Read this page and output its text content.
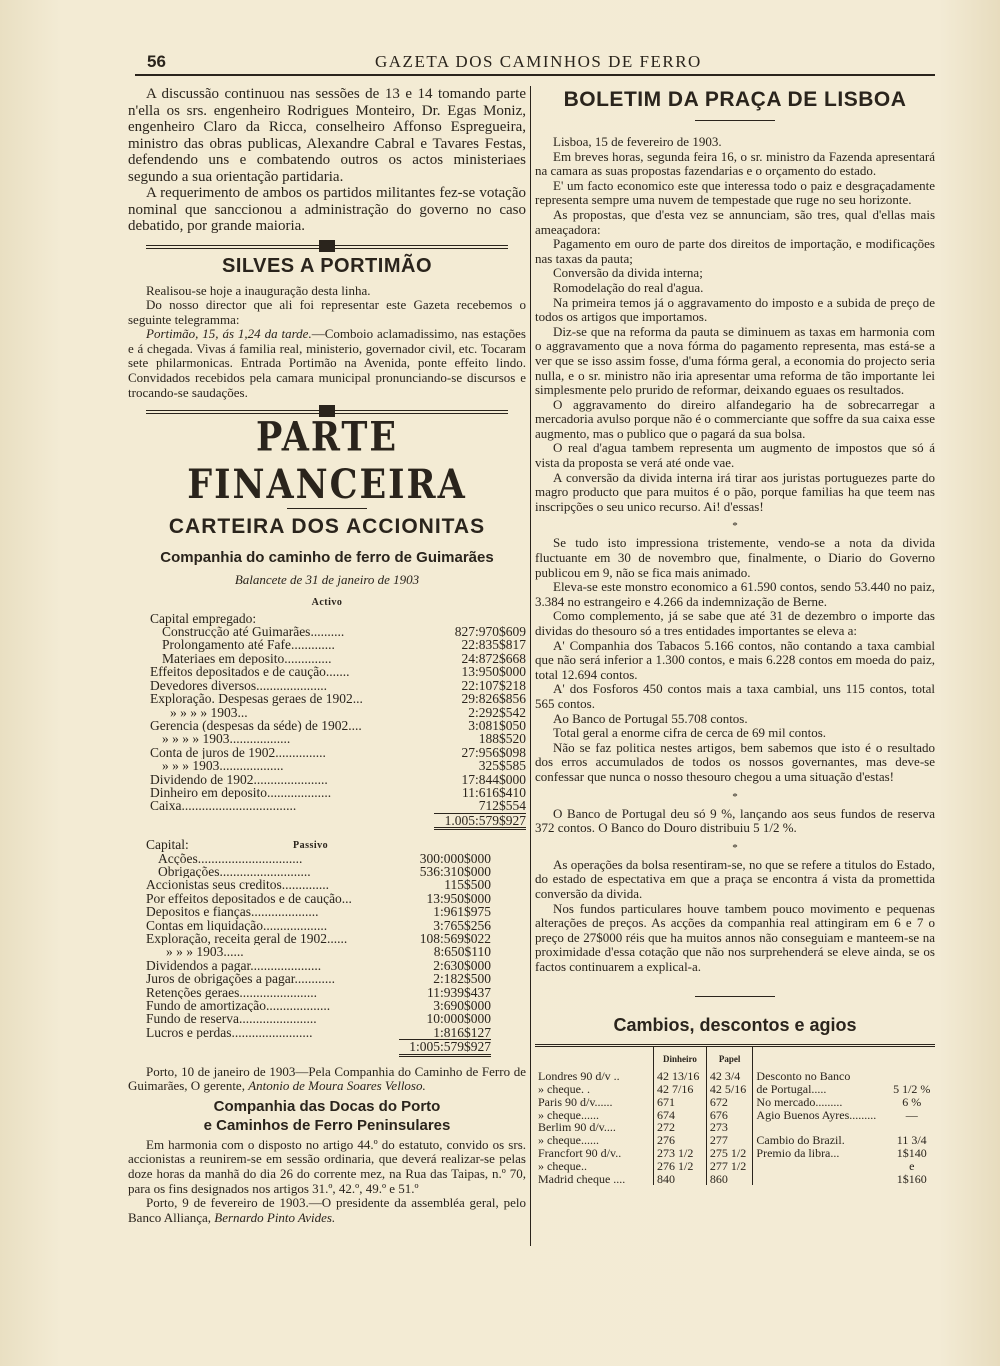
56	GAZETA DOS CAMINHOS DE FERRO

A discussão continuou nas sessões de 13 e 14 tomando parte n'ella os srs. engenheiro Rodrigues Monteiro, Dr. Egas Moniz, engenheiro Claro da Ricca, conselheiro Affonso Espregueira, ministro das obras publicas, Alexandre Cabral e Tavares Festas, defendendo uns e combatendo outros os actos ministeriaes segundo a sua orientação partidaria.

A requerimento de ambos os partidos militantes fez-se votação nominal que sanccionou a administração do governo no caso debatido, por grande maioria.

SILVES A PORTIMÃO

Realisou-se hoje a inauguração desta linha.

Do nosso director que ali foi representar este Gazeta recebemos o seguinte telegramma:

Portimão, 15, ás 1,24 da tarde.—Comboio aclamadissimo, nas estações e á chegada. Vivas á familia real, ministerio, governador civil, etc. Tocaram sete philarmonicas. Entrada Portimão na Avenida, ponte effeito lindo. Convidados recebidos pela camara municipal pronunciando-se discursos e trocando-se saudações.

PARTE FINANCEIRA
CARTEIRA DOS ACCIONITAS
Companhia do caminho de ferro de Guimarães
Balancete de 31 de janeiro de 1903
Activo
Capital empregado:
Construcção até Guimarães..........	827:970$609
Prolongamento até Fafe.............	22:835$817
Materiaes em deposito..............	24:872$668
Effeitos depositados e de caução.......	13:950$000
Devedores diversos.....................	22:107$218
Exploração. Despesas geraes de 1902...	29:826$856
» » » » 1903...	2:292$542
Gerencia (despesas da séde) de 1902....	3:081$050
» » » » 1903..................	188$520
Conta de juros de 1902...............	27:956$098
» » » 1903...................	325$585
Dividendo de 1902......................	17:844$000
Dinheiro em deposito...................	11:616$410
Caixa..................................	712$554
1.005:579$927
Capital:	Passivo
Acções...............................	300:000$000
Obrigações...........................	536:310$000
Accionistas seus creditos..............	115$500
Por effeitos depositados e de caução...	13:950$000
Depositos e fianças....................	1:961$975
Contas em liquidação...................	3:765$256
Exploração, receita geral de 1902......	108:569$022
» » » 1903......	8:650$110
Dividendos a pagar.....................	2:630$000
Juros de obrigações a pagar............	2:182$500
Retenções geraes.......................	11:939$437
Fundo de amortização...................	3:690$000
Fundo de reserva.......................	10:000$000
Lucros e perdas........................	1:816$127
1:005:579$927

Porto, 10 de janeiro de 1903—Pela Companhia do Caminho de Ferro de Guimarães, O gerente, Antonio de Moura Soares Velloso.

Companhia das Docas do Porto
e Caminhos de Ferro Peninsulares

Em harmonia com o disposto no artigo 44.º do estatuto, convido os srs. accionistas a reunirem-se em sessão ordinaria, que deverá realizar-se pelas doze horas da manhã do dia 26 do corrente mez, na Rua das Taipas, n.º 70, para os fins designados nos artigos 31.º, 42.º, 49.º e 51.º

Porto, 9 de fevereiro de 1903.—O presidente da assembléa geral, pelo Banco Alliança, Bernardo Pinto Avides.

BOLETIM DA PRAÇA DE LISBOA

Lisboa, 15 de fevereiro de 1903.

Em breves horas, segunda feira 16, o sr. ministro da Fazenda apresentará na camara as suas propostas fazendarias e o orçamento do estado.

E' um facto economico este que interessa todo o paiz e desgraçadamente representa sempre uma nuvem de tempestade que ruge no seu horizonte.

As propostas, que d'esta vez se annunciam, são tres, qual d'ellas mais ameaçadora:

Pagamento em ouro de parte dos direitos de importação, e modificações nas taxas da pauta;

Conversão da divida interna;

Romodelação do real d'agua.

Na primeira temos já o aggravamento do imposto e a subida de preço de todos os artigos que importamos.

Diz-se que na reforma da pauta se diminuem as taxas em harmonia com o aggravamento que a nova fórma do pagamento representa, mas está-se a ver que se isso assim fosse, d'uma fórma geral, a economia do projecto seria nulla, e o sr. ministro não iria apresentar uma reforma de tão importante lei simplesmente pelo prurido de reformar, deixando eguaes os resultados.

O aggravamento do direiro alfandegario ha de sobrecarregar a mercadoria avulso porque não é o commerciante que soffre da sua caixa esse augmento, mas o publico que o pagará da sua bolsa.

O real d'agua tambem representa um augmento de impostos que só á vista da proposta se verá até onde vae.

A conversão da divida interna irá tirar aos juristas portuguezes parte do magro producto que para muitos é o pão, porque familias ha que teem nas inscripções o seu unico recurso. Ai! d'essas!

*

Se tudo isto impressiona tristemente, vendo-se a nota da divida fluctuante em 30 de novembro que, finalmente, o Diario do Governo publicou em 9, não se fica mais animado.

Eleva-se este monstro economico a 61.590 contos, sendo 53.440 no paiz, 3.384 no estrangeiro e 4.266 da indemnização de Berne.

Como complemento, já se sabe que até 31 de dezembro o importe das dividas do thesouro só a tres entidades importantes se eleva a:

A' Companhia dos Tabacos 5.166 contos, não contando a taxa cambial que não será inferior a 1.300 contos, e mais 6.228 contos em moeda do paiz, total 12.694 contos.

A' dos Fosforos 450 contos mais a taxa cambial, uns 115 contos, total 565 contos.

Ao Banco de Portugal 55.708 contos.

Total geral a enorme cifra de cerca de 69 mil contos.

Não se faz politica nestes artigos, bem sabemos que isto é o resultado dos erros accumulados de todos os nossos governantes, mas deve-se confessar que nunca o nosso thesouro chegou a uma situação d'estas!

*

O Banco de Portugal deu só 9 %, lançando aos seus fundos de reserva 372 contos. O Banco do Douro distribuiu 5 1/2 %.

*

As operações da bolsa resentiram-se, no que se refere a titulos do Estado, do estado de espectativa em que a praça se encontra á vista da promettida conversão da divida.

Nos fundos particulares houve tambem pouco movimento e pequenas alterações de preços. As acções da companhia real attingiram em 6 e 7 o preço de 27$000 réis que ha muitos annos não conseguiam e manteem-se na proximidade d'essa cotação que não nos surprehenderá se eleve ainda, se os factos continuarem a explical-a.

Cambios, descontos e agios
	Dinheiro	Papel		
Londres 90 d/v ..	42 13/16	42 3/4	Desconto no Banco	
» cheque. .	42 7/16	42 5/16	de Portugal.....	5 1/2 %
Paris 90 d/v......	671	672	No mercado.........	6 %
» cheque......	674	676	Agio Buenos Ayres.........	—
Berlim 90 d/v....	272	273		
» cheque......	276	277	Cambio do Brazil.	11 3/4
Francfort 90 d/v..	273 1/2	275 1/2	Premio da libra...	1$140
» cheque..	276 1/2	277 1/2		e
Madrid cheque ....	840	860		1$160
